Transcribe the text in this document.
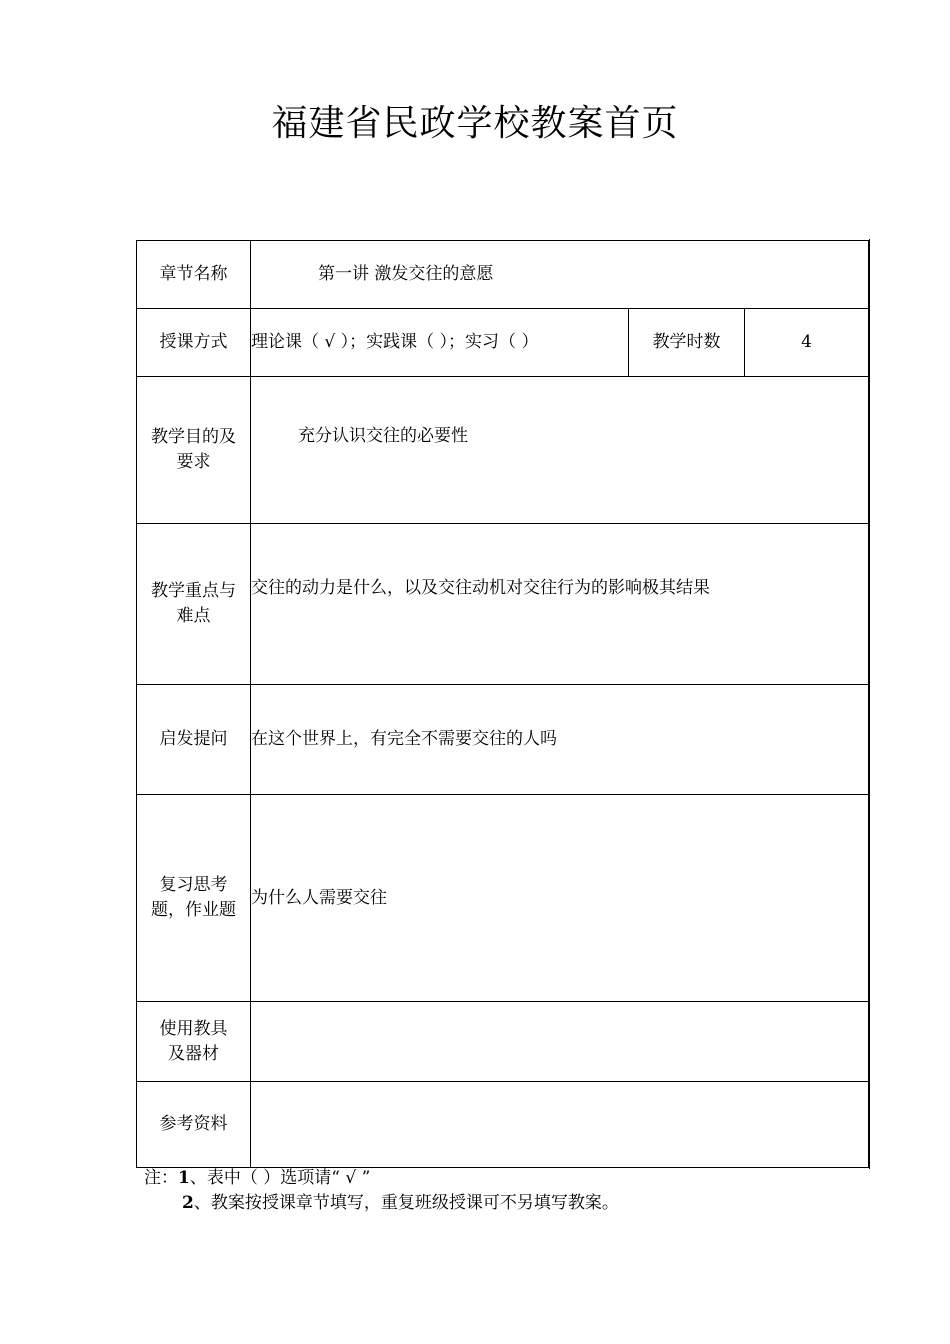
福建省民政学校教案首页
章节名称	第一讲 激发交往的意愿		
授课方式	理论课（ √ ）；实践课（ ）；实习（ ）	教学时数	4

教学目的及
要求	充分认识交往的必要性		

教学重点与
难点	交往的动力是什么，以及交往动机对交往行为的影响极其结果		
启发提问	在这个世界上，有完全不需要交往的人吗		

复习思考
题，作业题	为什么人需要交往		

使用教具
及器材			

参考资料			
注：1、表中（ ）选项请“ √ ”
2、教案按授课章节填写，重复班级授课可不另填写教案。
